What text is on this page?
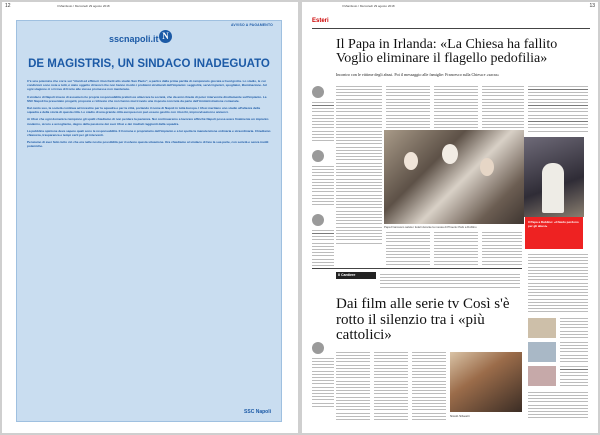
12	Il Manifesto / Mercoledì 29 agosto 2018
AVVISO A PAGAMENTO
sscnapoli.it N
DE MAGISTRIS, UN SINDACO INADEGUATO

C'è una polemica che corre sui "ritardi ed effimeri ritocchetti allo stadio San Paolo", a partire dalla prima partita di campionato giocata a Fuorigrotta. Lo stadio, le cui condizioni sono note a tutti, è stato oggetto di lavori che non hanno risolto i problemi strutturali dell'impianto: seggiolini, servizi igienici, spogliatoi, illuminazione. Ad ogni stagione ci si trova di fronte alle stesse promesse non mantenute.

Il sindaco di Napoli invece di assumersi le proprie responsabilità preferisce attaccare la società, che da anni chiede di poter intervenire direttamente sull'impianto. La SSC Napoli ha presentato progetti, proposte e richieste che non hanno mai trovato una risposta concreta da parte dell'Amministrazione comunale.

Dal canto suo, la società continua ad investire per la squadra e per la città, portando il nome di Napoli in tutta Europa. I tifosi meritano uno stadio all'altezza della squadra e della storia di questa città. Lo stadio di una grande città europea non può essere gestito con ritocchi, improvvisazioni e annunci.

Ai tifosi che ogni domenica riempiono gli spalti chiediamo di non perdere la pazienza. Noi continueremo a lavorare affinché Napoli possa avere finalmente un impianto moderno, sicuro e accogliente, degno della passione dei suoi tifosi e dei risultati raggiunti dalla squadra.

La pubblica opinione deve sapere quali sono le responsabilità. Il Comune è proprietario dell'impianto e a lui spetta la manutenzione ordinaria e straordinaria. Chiediamo chiarezza, trasparenza e tempi certi per gli interventi.

Pensiamo di aver fatto tutto ciò che era nelle nostre possibilità per risolvere questa situazione. Ora chiediamo al sindaco di fare la sua parte, con serietà e senza inutili polemiche.

SSC Napoli
Il Manifesto / Mercoledì 29 agosto 2018	13
Esteri
Il Papa in Irlanda: «La Chiesa ha fallito Voglio eliminare il flagello pedofilia»
Incontro con le vittime degli abusi. Poi il messaggio alle famiglie: Francesco sulla Chiesa e «sacra»
Papa Francesco saluta i fedeli durante la messa di Phoenix Park a Dublino
Il Papa a Dublino: «Chiedo perdono per gli abusi»
Il Cantiere
Dai film alle serie tv Così s'è rotto il silenzio tra i «più cattolici»
Nicolò Silvestri
